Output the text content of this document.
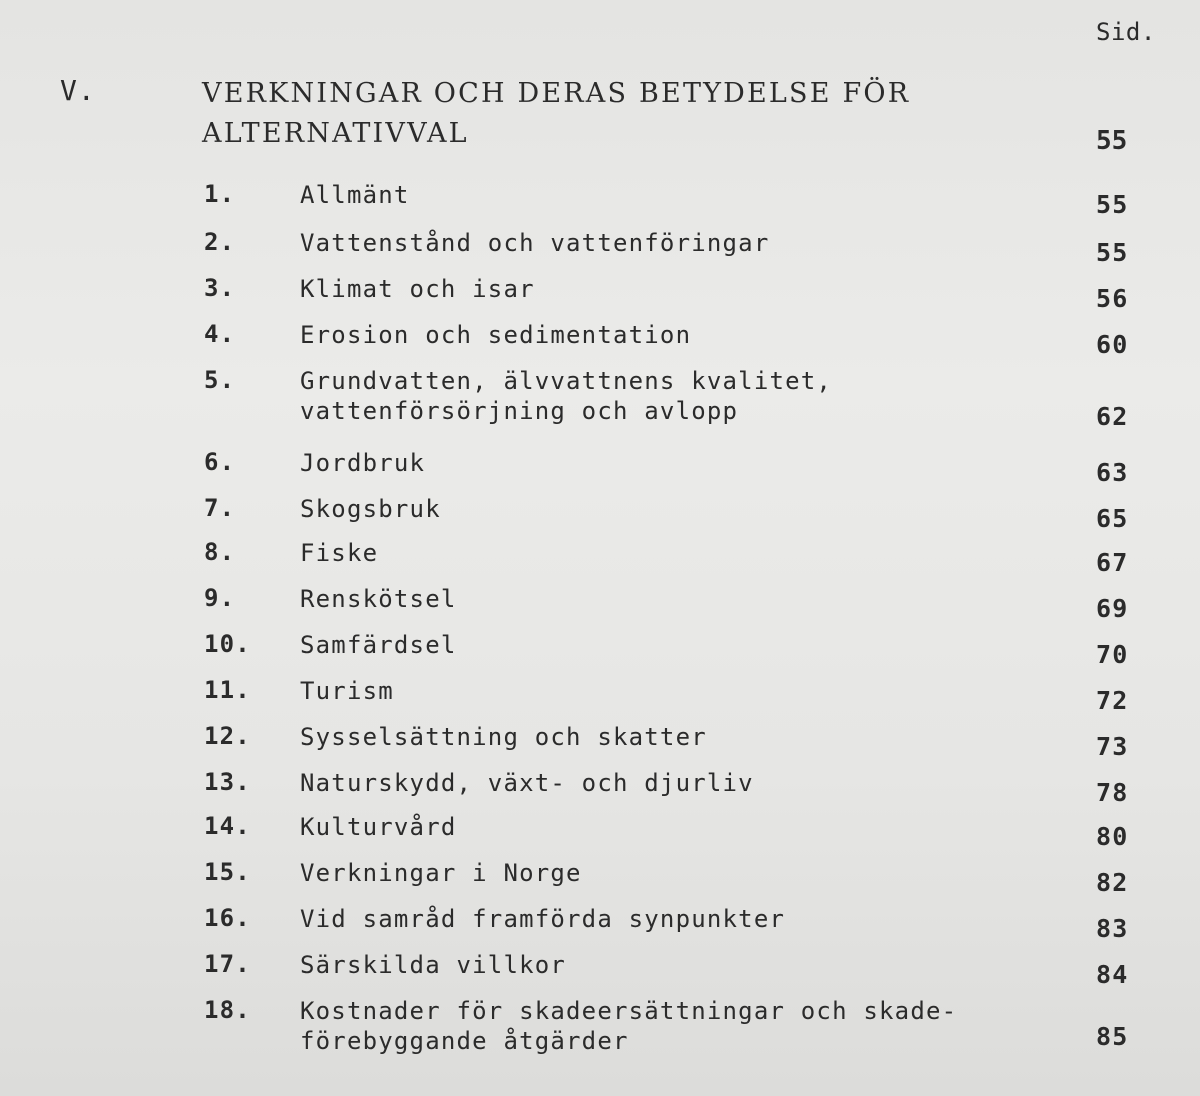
Sid.
V.	VERKNINGAR OCH DERAS BETYDELSE FÖR ALTERNATIVVAL	55
1.	Allmänt	55
2.	Vattenstånd och vattenföringar	55
3.	Klimat och isar	56
4.	Erosion och sedimentation	60
5.	Grundvatten, älvvattnens kvalitet,
vattenförsörjning och avlopp	62
6.	Jordbruk	63
7.	Skogsbruk	65
8.	Fiske	67
9.	Renskötsel	69
10. Samfärdsel	70
11. Turism	72
12. Sysselsättning och skatter	73
13. Naturskydd, växt- och djurliv	78
14. Kulturvård	80
15. Verkningar i Norge	82
16. Vid samråd framförda synpunkter	83
17. Särskilda villkor	84
18. Kostnader för skadeersättningar och skade-
förebyggande åtgärder	85
